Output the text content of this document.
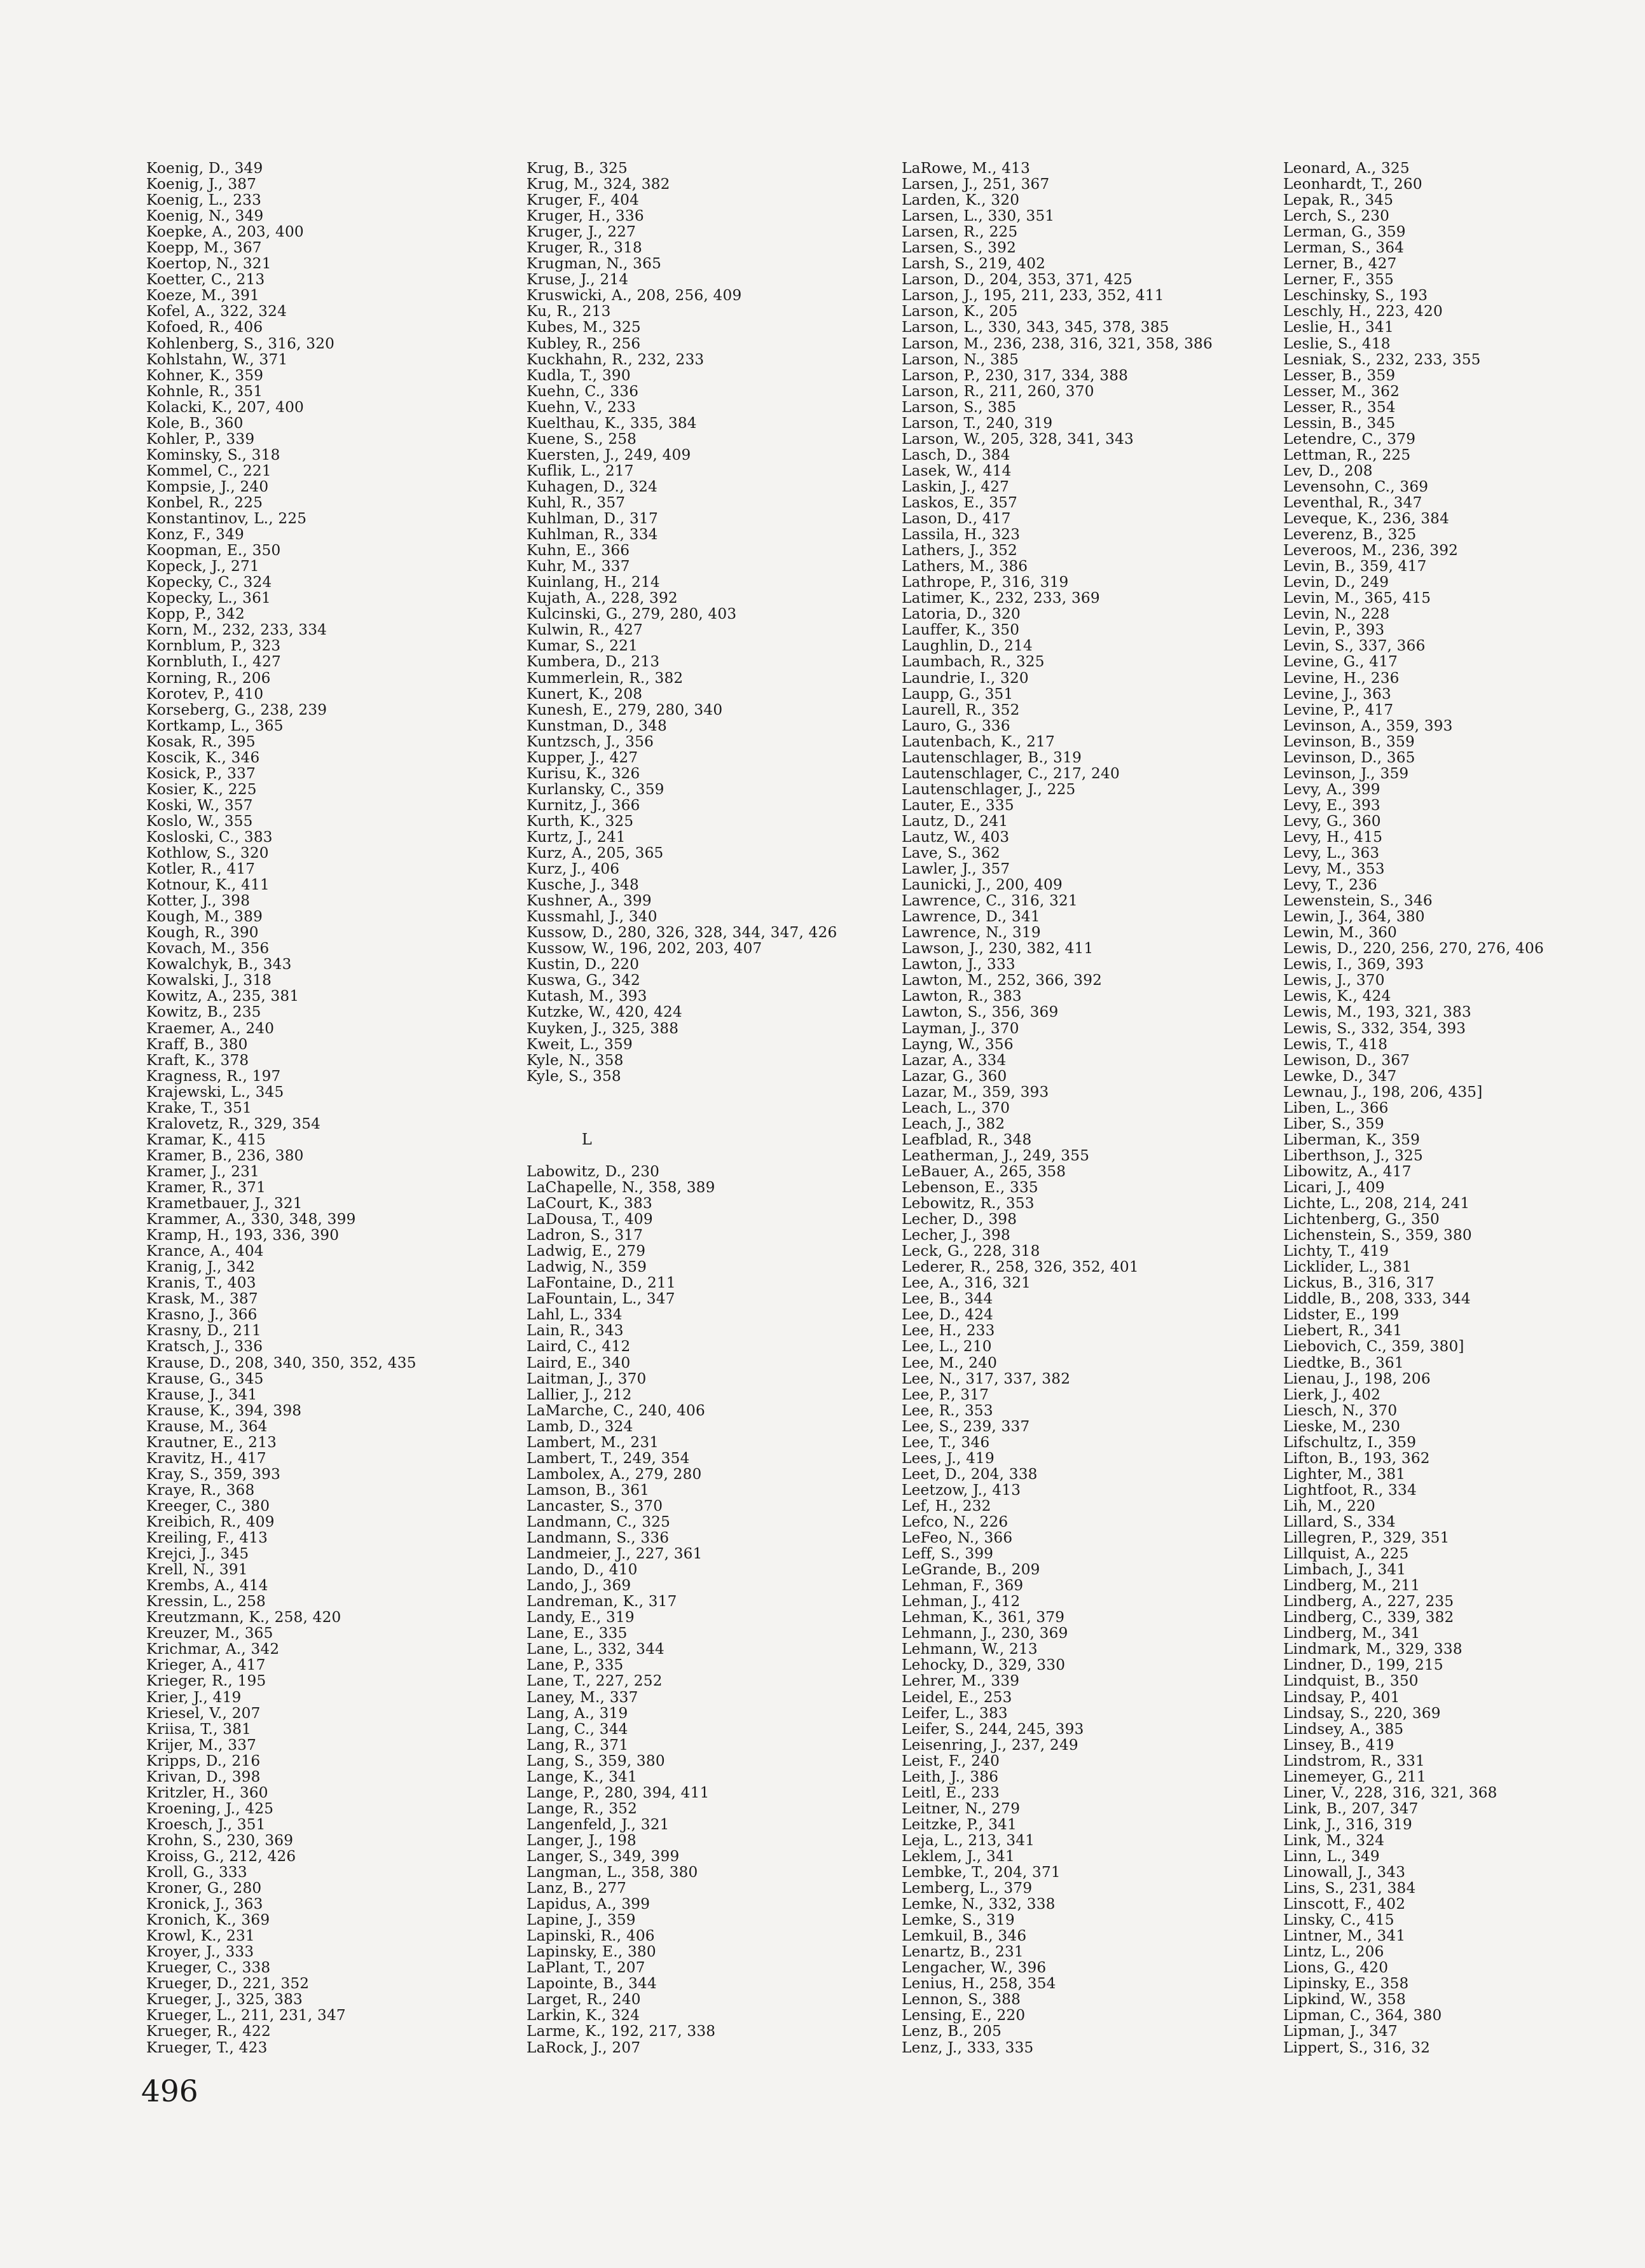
Koenig, D., 349
Koenig, J., 387
Koenig, L., 233
Koenig, N., 349
Koepke, A., 203, 400
Koepp, M., 367
Koertop, N., 321
Koetter, C., 213
Koeze, M., 391
Kofel, A., 322, 324
Kofoed, R., 406
Kohlenberg, S., 316, 320
Kohlstahn, W., 371
Kohner, K., 359
Kohnle, R., 351
Kolacki, K., 207, 400
Kole, B., 360
Kohler, P., 339
Kominsky, S., 318
Kommel, C., 221
Kompsie, J., 240
Konbel, R., 225
Konstantinov, L., 225
Konz, F., 349
Koopman, E., 350
Kopeck, J., 271
Kopecky, C., 324
Kopecky, L., 361
Kopp, P., 342
Korn, M., 232, 233, 334
Kornblum, P., 323
Kornbluth, I., 427
Korning, R., 206
Korotev, P., 410
Korseberg, G., 238, 239
Kortkamp, L., 365
Kosak, R., 395
Koscik, K., 346
Kosick, P., 337
Kosier, K., 225
Koski, W., 357
Koslo, W., 355
Kosloski, C., 383
Kothlow, S., 320
Kotler, R., 417
Kotnour, K., 411
Kotter, J., 398
Kough, M., 389
Kough, R., 390
Kovach, M., 356
Kowalchyk, B., 343
Kowalski, J., 318
Kowitz, A., 235, 381
Kowitz, B., 235
Kraemer, A., 240
Kraff, B., 380
Kraft, K., 378
Kragness, R., 197
Krajewski, L., 345
Krake, T., 351
Kralovetz, R., 329, 354
Kramar, K., 415
Kramer, B., 236, 380
Kramer, J., 231
Kramer, R., 371
Krametbauer, J., 321
Krammer, A., 330, 348, 399
Kramp, H., 193, 336, 390
Krance, A., 404
Kranig, J., 342
Kranis, T., 403
Krask, M., 387
Krasno, J., 366
Krasny, D., 211
Kratsch, J., 336
Krause, D., 208, 340, 350, 352, 435
Krause, G., 345
Krause, J., 341
Krause, K., 394, 398
Krause, M., 364
Krautner, E., 213
Kravitz, H., 417
Kray, S., 359, 393
Kraye, R., 368
Kreeger, C., 380
Kreibich, R., 409
Kreiling, F., 413
Krejci, J., 345
Krell, N., 391
Krembs, A., 414
Kressin, L., 258
Kreutzmann, K., 258, 420
Kreuzer, M., 365
Krichmar, A., 342
Krieger, A., 417
Krieger, R., 195
Krier, J., 419
Kriesel, V., 207
Kriisa, T., 381
Krijer, M., 337
Kripps, D., 216
Krivan, D., 398
Kritzler, H., 360
Kroening, J., 425
Kroesch, J., 351
Krohn, S., 230, 369
Kroiss, G., 212, 426
Kroll, G., 333
Kroner, G., 280
Kronick, J., 363
Kronich, K., 369
Krowl, K., 231
Kroyer, J., 333
Krueger, C., 338
Krueger, D., 221, 352
Krueger, J., 325, 383
Krueger, L., 211, 231, 347
Krueger, R., 422
Krueger, T., 423
Krug, B., 325
Krug, M., 324, 382
Kruger, F., 404
Kruger, H., 336
Kruger, J., 227
Kruger, R., 318
Krugman, N., 365
Kruse, J., 214
Kruswicki, A., 208, 256, 409
Ku, R., 213
Kubes, M., 325
Kubley, R., 256
Kuckhahn, R., 232, 233
Kudla, T., 390
Kuehn, C., 336
Kuehn, V., 233
Kuelthau, K., 335, 384
Kuene, S., 258
Kuersten, J., 249, 409
Kuflik, L., 217
Kuhagen, D., 324
Kuhl, R., 357
Kuhlman, D., 317
Kuhlman, R., 334
Kuhn, E., 366
Kuhr, M., 337
Kuinlang, H., 214
Kujath, A., 228, 392
Kulcinski, G., 279, 280, 403
Kulwin, R., 427
Kumar, S., 221
Kumbera, D., 213
Kummerlein, R., 382
Kunert, K., 208
Kunesh, E., 279, 280, 340
Kunstman, D., 348
Kuntzsch, J., 356
Kupper, J., 427
Kurisu, K., 326
Kurlansky, C., 359
Kurnitz, J., 366
Kurth, K., 325
Kurtz, J., 241
Kurz, A., 205, 365
Kurz, J., 406
Kusche, J., 348
Kushner, A., 399
Kussmahl, J., 340
Kussow, D., 280, 326, 328, 344, 347, 426
Kussow, W., 196, 202, 203, 407
Kustin, D., 220
Kuswa, G., 342
Kutash, M., 393
Kutzke, W., 420, 424
Kuyken, J., 325, 388
Kweit, L., 359
Kyle, N., 358
Kyle, S., 358

L

Labowitz, D., 230
LaChapelle, N., 358, 389
LaCourt, K., 383
LaDousa, T., 409
Ladron, S., 317
Ladwig, E., 279
Ladwig, N., 359
LaFontaine, D., 211
LaFountain, L., 347
Lahl, L., 334
Lain, R., 343
Laird, C., 412
Laird, E., 340
Laitman, J., 370
Lallier, J., 212
LaMarche, C., 240, 406
Lamb, D., 324
Lambert, M., 231
Lambert, T., 249, 354
Lambolex, A., 279, 280
Lamson, B., 361
Lancaster, S., 370
Landmann, C., 325
Landmann, S., 336
Landmeier, J., 227, 361
Lando, D., 410
Lando, J., 369
Landreman, K., 317
Landy, E., 319
Lane, E., 335
Lane, L., 332, 344
Lane, P., 335
Lane, T., 227, 252
Laney, M., 337
Lang, A., 319
Lang, C., 344
Lang, R., 371
Lang, S., 359, 380
Lange, K., 341
Lange, P., 280, 394, 411
Lange, R., 352
Langenfeld, J., 321
Langer, J., 198
Langer, S., 349, 399
Langman, L., 358, 380
Lanz, B., 277
Lapidus, A., 399
Lapine, J., 359
Lapinski, R., 406
Lapinsky, E., 380
LaPlant, T., 207
Lapointe, B., 344
Larget, R., 240
Larkin, K., 324
Larme, K., 192, 217, 338
LaRock, J., 207
LaRowe, M., 413
Larsen, J., 251, 367
Larden, K., 320
Larsen, L., 330, 351
Larsen, R., 225
Larsen, S., 392
Larsh, S., 219, 402
Larson, D., 204, 353, 371, 425
Larson, J., 195, 211, 233, 352, 411
Larson, K., 205
Larson, L., 330, 343, 345, 378, 385
Larson, M., 236, 238, 316, 321, 358, 386
Larson, N., 385
Larson, P., 230, 317, 334, 388
Larson, R., 211, 260, 370
Larson, S., 385
Larson, T., 240, 319
Larson, W., 205, 328, 341, 343
Lasch, D., 384
Lasek, W., 414
Laskin, J., 427
Laskos, E., 357
Lason, D., 417
Lassila, H., 323
Lathers, J., 352
Lathers, M., 386
Lathrope, P., 316, 319
Latimer, K., 232, 233, 369
Latoria, D., 320
Lauffer, K., 350
Laughlin, D., 214
Laumbach, R., 325
Laundrie, I., 320
Laupp, G., 351
Laurell, R., 352
Lauro, G., 336
Lautenbach, K., 217
Lautenschlager, B., 319
Lautenschlager, C., 217, 240
Lautenschlager, J., 225
Lauter, E., 335
Lautz, D., 241
Lautz, W., 403
Lave, S., 362
Lawler, J., 357
Launicki, J., 200, 409
Lawrence, C., 316, 321
Lawrence, D., 341
Lawrence, N., 319
Lawson, J., 230, 382, 411
Lawton, J., 333
Lawton, M., 252, 366, 392
Lawton, R., 383
Lawton, S., 356, 369
Layman, J., 370
Layng, W., 356
Lazar, A., 334
Lazar, G., 360
Lazar, M., 359, 393
Leach, L., 370
Leach, J., 382
Leafblad, R., 348
Leatherman, J., 249, 355
LeBauer, A., 265, 358
Lebenson, E., 335
Lebowitz, R., 353
Lecher, D., 398
Lecher, J., 398
Leck, G., 228, 318
Lederer, R., 258, 326, 352, 401
Lee, A., 316, 321
Lee, B., 344
Lee, D., 424
Lee, H., 233
Lee, L., 210
Lee, M., 240
Lee, N., 317, 337, 382
Lee, P., 317
Lee, R., 353
Lee, S., 239, 337
Lee, T., 346
Lees, J., 419
Leet, D., 204, 338
Leetzow, J., 413
Lef, H., 232
Lefco, N., 226
LeFeo, N., 366
Leff, S., 399
LeGrande, B., 209
Lehman, F., 369
Lehman, J., 412
Lehman, K., 361, 379
Lehmann, J., 230, 369
Lehmann, W., 213
Lehocky, D., 329, 330
Lehrer, M., 339
Leidel, E., 253
Leifer, L., 383
Leifer, S., 244, 245, 393
Leisenring, J., 237, 249
Leist, F., 240
Leith, J., 386
Leitl, E., 233
Leitner, N., 279
Leitzke, P., 341
Leja, L., 213, 341
Leklem, J., 341
Lembke, T., 204, 371
Lemberg, L., 379
Lemke, N., 332, 338
Lemke, S., 319
Lemkuil, B., 346
Lenartz, B., 231
Lengacher, W., 396
Lenius, H., 258, 354
Lennon, S., 388
Lensing, E., 220
Lenz, B., 205
Lenz, J., 333, 335
Leonard, A., 325
Leonhardt, T., 260
Lepak, R., 345
Lerch, S., 230
Lerman, G., 359
Lerman, S., 364
Lerner, B., 427
Lerner, F., 355
Leschinsky, S., 193
Leschly, H., 223, 420
Leslie, H., 341
Leslie, S., 418
Lesniak, S., 232, 233, 355
Lesser, B., 359
Lesser, M., 362
Lesser, R., 354
Lessin, B., 345
Letendre, C., 379
Lettman, R., 225
Lev, D., 208
Levensohn, C., 369
Leventhal, R., 347
Leveque, K., 236, 384
Leverenz, B., 325
Leveroos, M., 236, 392
Levin, B., 359, 417
Levin, D., 249
Levin, M., 365, 415
Levin, N., 228
Levin, P., 393
Levin, S., 337, 366
Levine, G., 417
Levine, H., 236
Levine, J., 363
Levine, P., 417
Levinson, A., 359, 393
Levinson, B., 359
Levinson, D., 365
Levinson, J., 359
Levy, A., 399
Levy, E., 393
Levy, G., 360
Levy, H., 415
Levy, L., 363
Levy, M., 353
Levy, T., 236
Lewenstein, S., 346
Lewin, J., 364, 380
Lewin, M., 360
Lewis, D., 220, 256, 270, 276, 406
Lewis, I., 369, 393
Lewis, J., 370
Lewis, K., 424
Lewis, M., 193, 321, 383
Lewis, S., 332, 354, 393
Lewis, T., 418
Lewison, D., 367
Lewke, D., 347
Lewnau, J., 198, 206, 435]
Liben, L., 366
Liber, S., 359
Liberman, K., 359
Liberthson, J., 325
Libowitz, A., 417
Licari, J., 409
Lichte, L., 208, 214, 241
Lichtenberg, G., 350
Lichenstein, S., 359, 380
Lichty, T., 419
Licklider, L., 381
Lickus, B., 316, 317
Liddle, B., 208, 333, 344
Lidster, E., 199
Liebert, R., 341
Liebovich, C., 359, 380]
Liedtke, B., 361
Lienau, J., 198, 206
Lierk, J., 402
Liesch, N., 370
Lieske, M., 230
Lifschultz, I., 359
Lifton, B., 193, 362
Lighter, M., 381
Lightfoot, R., 334
Lih, M., 220
Lillard, S., 334
Lillegren, P., 329, 351
Lillquist, A., 225
Limbach, J., 341
Lindberg, M., 211
Lindberg, A., 227, 235
Lindberg, C., 339, 382
Lindberg, M., 341
Lindmark, M., 329, 338
Lindner, D., 199, 215
Lindquist, B., 350
Lindsay, P., 401
Lindsay, S., 220, 369
Lindsey, A., 385
Linsey, B., 419
Lindstrom, R., 331
Linemeyer, G., 211
Liner, V., 228, 316, 321, 368
Link, B., 207, 347
Link, J., 316, 319
Link, M., 324
Linn, L., 349
Linowall, J., 343
Lins, S., 231, 384
Linscott, F., 402
Linsky, C., 415
Lintner, M., 341
Lintz, L., 206
Lions, G., 420
Lipinsky, E., 358
Lipkind, W., 358
Lipman, C., 364, 380
Lipman, J., 347
Lippert, S., 316, 32
496
